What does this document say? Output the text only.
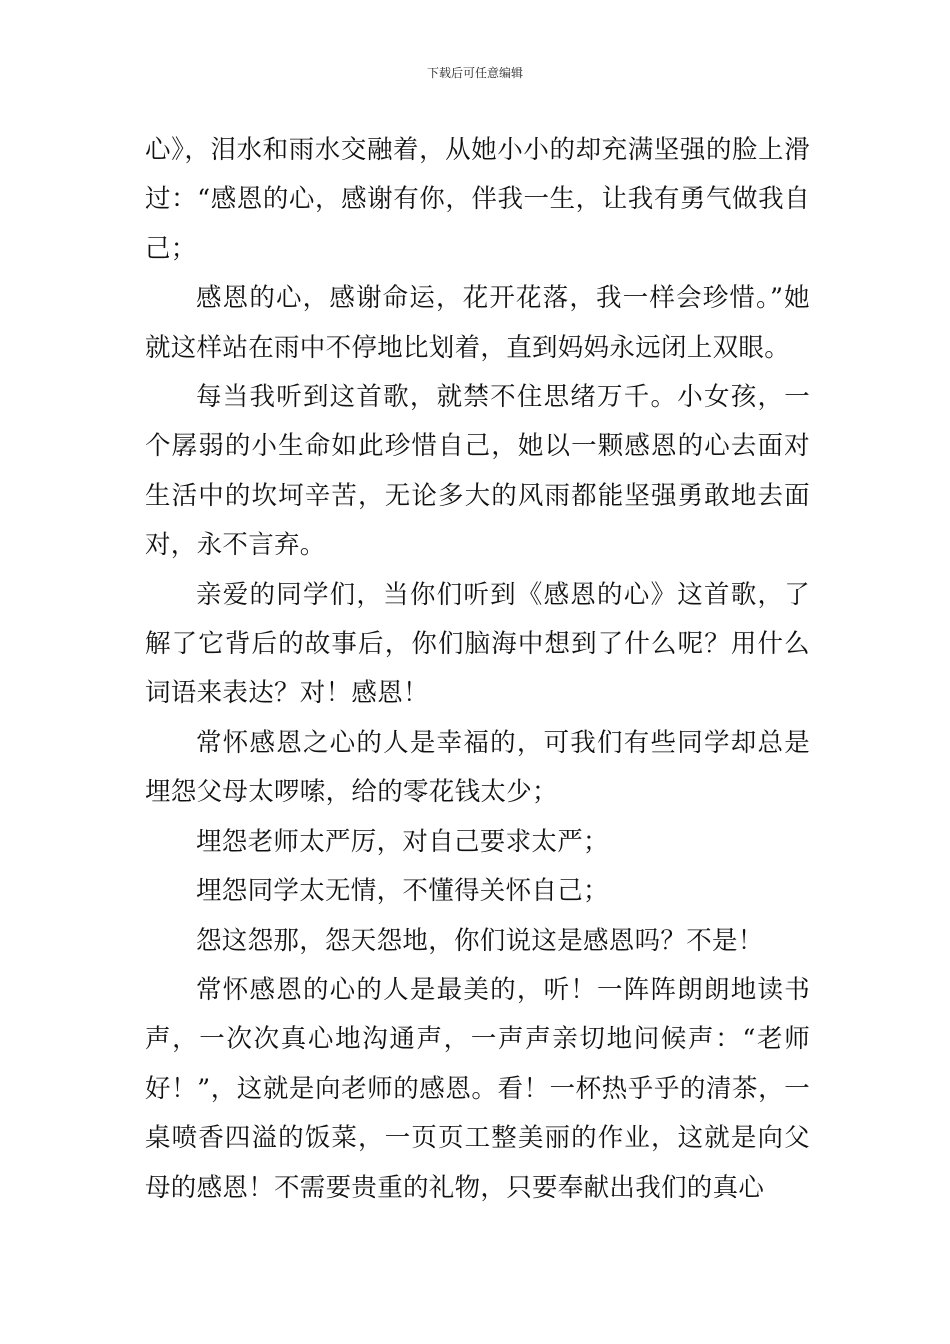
下载后可任意编辑

心》，泪水和雨水交融着，从她小小的却充满坚强的脸上滑过：“感恩的心，感谢有你，伴我一生，让我有勇气做我自己；

感恩的心，感谢命运，花开花落，我一样会珍惜。”她就这样站在雨中不停地比划着，直到妈妈永远闭上双眼。

每当我听到这首歌，就禁不住思绪万千。小女孩，一个孱弱的小生命如此珍惜自己，她以一颗感恩的心去面对生活中的坎坷辛苦，无论多大的风雨都能坚强勇敢地去面对，永不言弃。

亲爱的同学们，当你们听到《感恩的心》这首歌，了解了它背后的故事后，你们脑海中想到了什么呢？用什么词语来表达？对！感恩！

常怀感恩之心的人是幸福的，可我们有些同学却总是埋怨父母太啰嗦，给的零花钱太少；

埋怨老师太严厉，对自己要求太严；

埋怨同学太无情，不懂得关怀自己；

怨这怨那，怨天怨地，你们说这是感恩吗？不是！

常怀感恩的心的人是最美的，听！一阵阵朗朗地读书声，一次次真心地沟通声，一声声亲切地问候声：“老师好！”，这就是向老师的感恩。看！一杯热乎乎的清茶，一桌喷香四溢的饭菜，一页页工整美丽的作业，这就是向父母的感恩！不需要贵重的礼物，只要奉献出我们的真心
